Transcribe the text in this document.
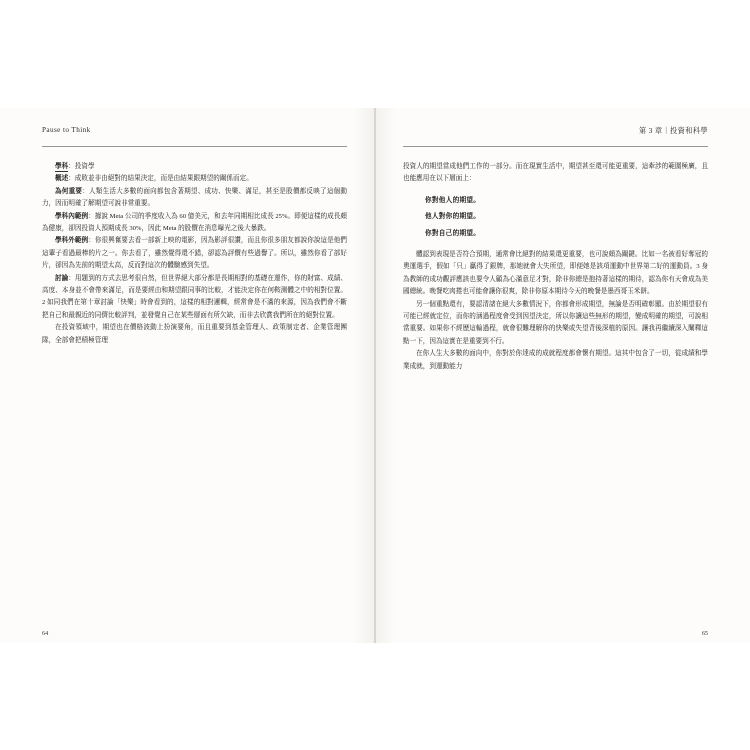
Pause to Think

學科：投資學

概述：成敗並非由絕對的結果決定，而是由結果跟期望的關係而定。

為何重要：人類生活大多數的面向都包含著期望、成功、快樂、滿足，甚至是股價都反映了這個動力，因而明確了解期望可說非常重要。

學科內範例：據說 Meta 公司的季度收入為 60 億美元，和去年同期相比成長 25%。即便這樣的成長頗為健康，卻因投資人預期成長 30%，因此 Meta 的股價在消息曝光之後大暴跌。

學科外範例：你很興奮要去看一部新上映的電影，因為影評很讚，而且你很多朋友都說你說這是他們這輩子看過最棒的片之一。你去看了，雖然覺得還不錯，卻認為評價有些過譽了。所以，雖然你看了部好片，卻因為先前的期望太高，反而對這次的體驗感到失望。

討論：用題到的方式去思考很自然，但世界絕大部分都是長期相對的基礎在運作，你的財富、成績、高度、本身並不會帶來滿足，而是要經由和期望跟同事的比較，才能決定你在何鞍測體之中的相對位置。2 如同我們在第十章討論「快樂」時會看到的，這樣的相對邏輯，經常會是不滿的來源，因為我們會不斷把自己和最親近的同儕比較評判，並發覺自己在某些層面有所欠缺，而非去欣賞我們所在的絕對位置。

在投資領域中，期望也在價格波動上扮演要角，而且重要到基金管理人、政策制定者、企業管理團隊，全部會把積極管理

64
第 3 章｜投資和科學

投資人的期望當成他們工作的一部分。而在現實生活中，期望甚至還可能更重要，這牽涉的範圍極廣，且也能應用在以下層面上：

你對他人的期望。

他人對你的期望。

你對自己的期望。

體認到表現是否符合預期，通常會比絕對的結果還更重要，也可說頗為關鍵。比如一名被看好奪冠的奧運選手，假如「只」贏得了銀牌，那她就會大失所望，即便她是該項運動中世界第二好的運動員。3 身為教師的成功觀評應該也要令人顧為心滿意足才對，除非你總是抱持著這樣的期待，認為你有天會成為美國總統。晚餐吃肉捲也可能會讓你很爽，除非你原本期待今天的晚餐是墨西哥玉米餅。

另一個重點還有，要認清諸在絕大多數情況下，你都會形成期望，無論是否明確彰顯。由於期望很有可能已經就定位，而你的涵過程度會受到因望決定，所以你讓這些無形的期望，變成明確的期望，可說相當重要。如果你不經歷這輪過程，就會很難理解你的快樂或失望背後深植的原因。讓我再繼續深入闡釋這點一下，因為這實在是重要到不行。

在你人生大多數的面向中，你對於你達成的成就程度都會懷有期望。這其中包含了一切，從成績和學業成就，到運動能力

65
